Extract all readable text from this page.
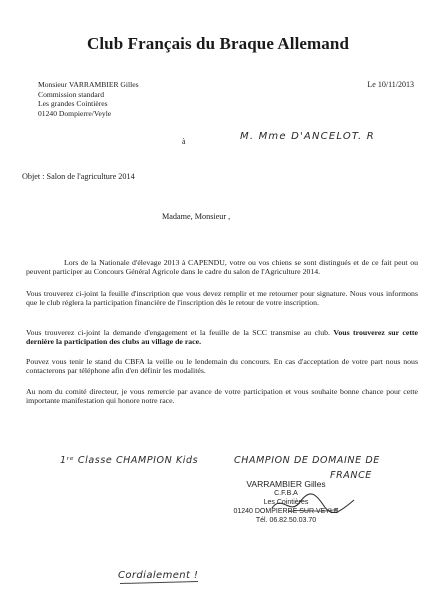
Club Français du Braque Allemand
Monsieur VARRAMBIER Gilles
Commission standard
Les grandes Cointières
01240 Dompierre/Veyle
Le 10/11/2013
à	M. Mme D'ANCELOT. R
Objet : Salon de l'agriculture 2014
Madame, Monsieur ,
Lors de la Nationale d'élevage 2013 à CAPENDU, votre ou vos chiens se sont distingués et de ce fait peut ou peuvent participer au Concours Général Agricole dans le cadre du salon de l'Agriculture 2014.
Vous trouverez ci-joint la feuille d'inscription que vous devez remplir et me retourner pour signature. Nous vous informons que le club réglera la participation financière de l'inscription dès le retour de votre inscription.
Vous trouverez ci-joint la demande d'engagement et la feuille de la SCC transmise au club. Vous trouverez sur cette dernière la participation des clubs au village de race.
Pouvez vous tenir le stand du CBFA la veille ou le lendemain du concours. En cas d'acceptation de votre part nous nous contacterons par téléphone afin d'en définir les modalités.
Au nom du comité directeur, je vous remercie par avance de votre participation et vous souhaite bonne chance pour cette importante manifestation qui honore notre race.
1ʳᵉ Classe CHAMPION Kids	CHAMPION DE DOMAINE DE
FRANCE
VARRAMBIER Gilles
C.F.B.A
Les Cointières
01240 DOMPIERRE SUR VEYLE
Tél. 06.82.50.03.70
Cordialement !
